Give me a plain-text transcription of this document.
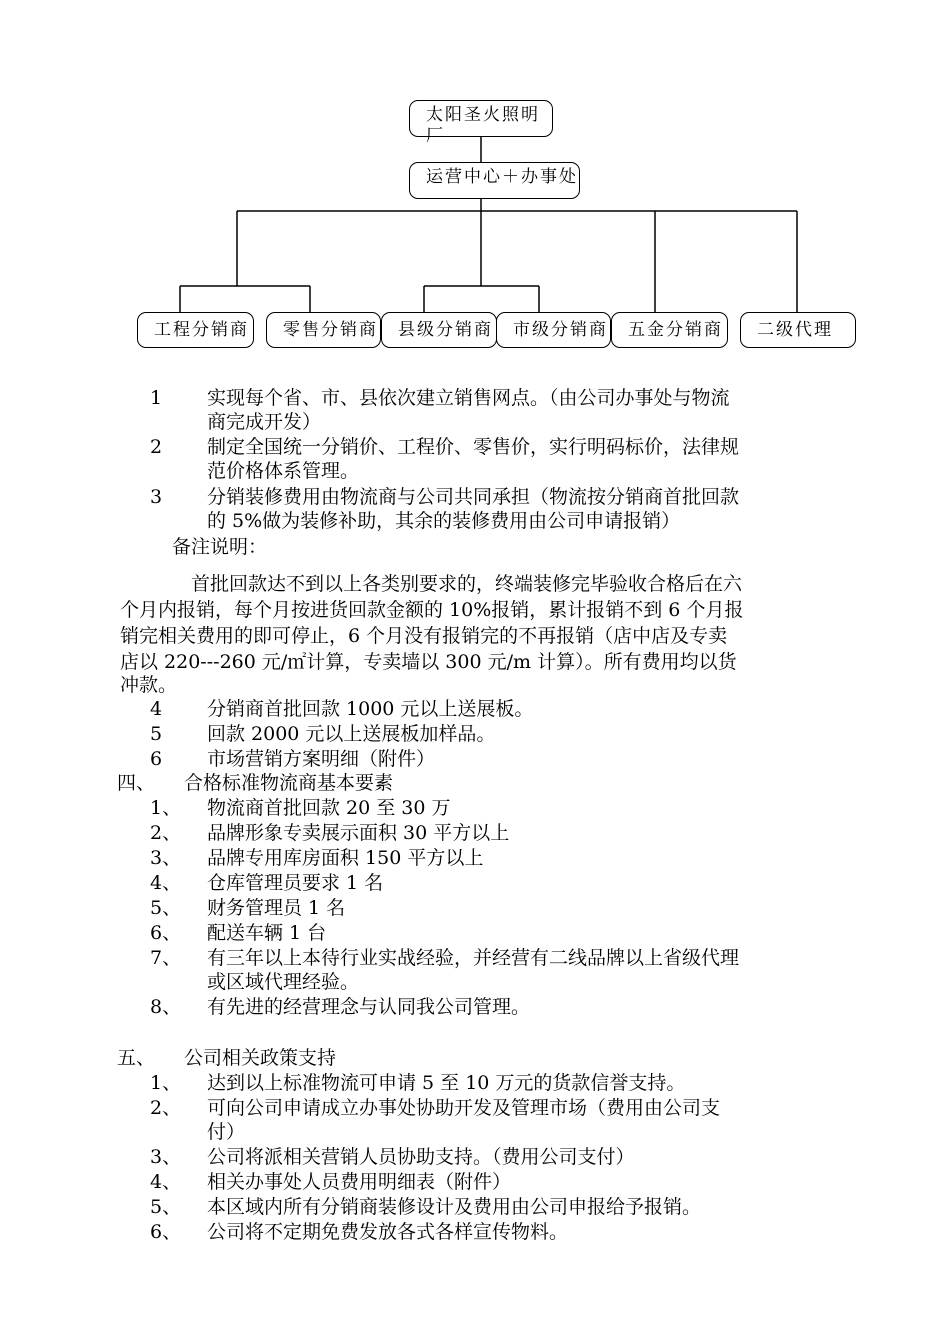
太阳圣火照明厂
运营中心＋办事处
工程分销商	零售分销商	县级分销商	市级分销商	五金分销商	二级代理
1 实现每个省、市、县依次建立销售网点。（由公司办事处与物流
商完成开发）
2 制定全国统一分销价、工程价、零售价，实行明码标价，法律规
范价格体系管理。
3 分销装修费用由物流商与公司共同承担（物流按分销商首批回款
的 5%做为装修补助，其余的装修费用由公司申请报销）
备注说明：
首批回款达不到以上各类别要求的，终端装修完毕验收合格后在六
个月内报销，每个月按进货回款金额的 10%报销，累计报销不到 6 个月报
销完相关费用的即可停止，6 个月没有报销完的不再报销（店中店及专卖
店以 220---260 元/㎡计算，专卖墙以 300 元/m 计算）。所有费用均以货
冲款。
4 分销商首批回款 1000 元以上送展板。
5 回款 2000 元以上送展板加样品。
6 市场营销方案明细（附件）
四、 合格标准物流商基本要素
1、 物流商首批回款 20 至 30 万
2、 品牌形象专卖展示面积 30 平方以上
3、 品牌专用库房面积 150 平方以上
4、 仓库管理员要求 1 名
5、 财务管理员 1 名
6、 配送车辆 1 台
7、 有三年以上本待行业实战经验，并经营有二线品牌以上省级代理
或区域代理经验。
8、 有先进的经营理念与认同我公司管理。
五、 公司相关政策支持
1、 达到以上标准物流可申请 5 至 10 万元的货款信誉支持。
2、 可向公司申请成立办事处协助开发及管理市场（费用由公司支
付）
3、 公司将派相关营销人员协助支持。（费用公司支付）
4、 相关办事处人员费用明细表（附件）
5、 本区域内所有分销商装修设计及费用由公司申报给予报销。
6、 公司将不定期免费发放各式各样宣传物料。
